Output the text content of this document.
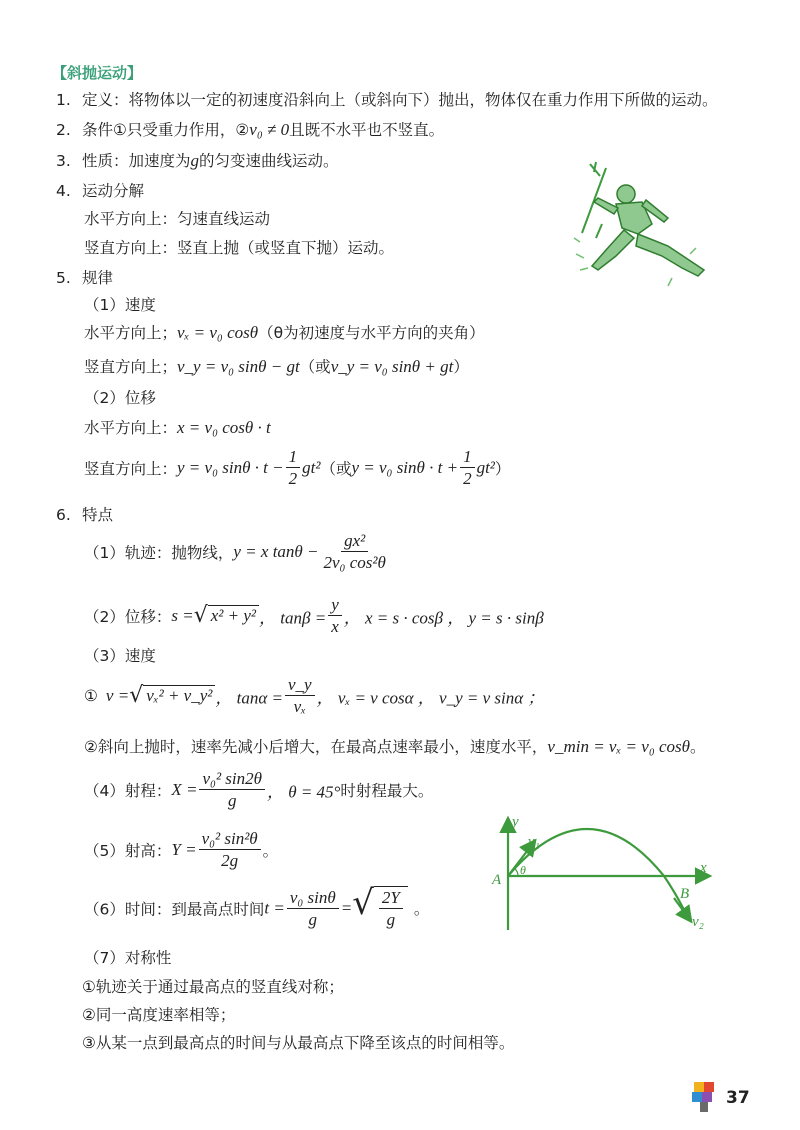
【斜抛运动】
1. 定义：将物体以一定的初速度沿斜向上（或斜向下）抛出，物体仅在重力作用下所做的运动。
2. 条件①只受重力作用，②v₀ ≠ 0且既不水平也不竖直。
3. 性质：加速度为g的匀变速曲线运动。
4. 运动分解
水平方向上：匀速直线运动
竖直方向上：竖直上抛（或竖直下抛）运动。
5. 规律
（1）速度
水平方向上；vₓ = v₀ cosθ（θ为初速度与水平方向的夹角）
竖直方向上；v_y = v₀ sinθ − gt（或v_y = v₀ sinθ + gt）
（2）位移
水平方向上：x = v₀ cosθ · t
竖直方向上：y = v₀ $\sin\theta \cdot t - \frac{1}{2} gt^2$（或y = v₀ $\sin\theta \cdot t + \frac{1}{2} gt^2$）
6. 特点
（1）轨迹：抛物线，y = x $\tan\theta - \frac{\text{gx²}}{\text{2v₀ cos²θ}}$
（2）位移：s = √ x² + y² ， $\tan\beta = \frac{y}{x}$ ， x = s · cosβ ， y = s · sinβ
（3）速度
① v = √ vₓ² + v_y² ， $\tan\alpha = \frac{v\_y}{\text{vₓ}}$ ， vₓ = v cosα ， v_y = v sinα ；
②斜向上抛时，速率先减小后增大，在最高点速率最小，速度水平，v_min = vₓ = v₀ cosθ。
（4）射程：$X = \frac{\text{v₀² sin2θ}}{g}$ ， θ = 45°时射程最大。
（5）射高：$Y = \frac{\text{v₀² sin²θ}}{2g}$ 。
（6）时间：到最高点时间$t = \frac{\text{v₀ sinθ}}{g}$ = √ $\frac{2Y}{g}$ 。
（7）对称性
①轨迹关于通过最高点的竖直线对称；
②同一高度速率相等；
③从某一点到最高点的时间与从最高点下降至该点的时间相等。
y
x
A
B
v₁
v₂
θ
37
